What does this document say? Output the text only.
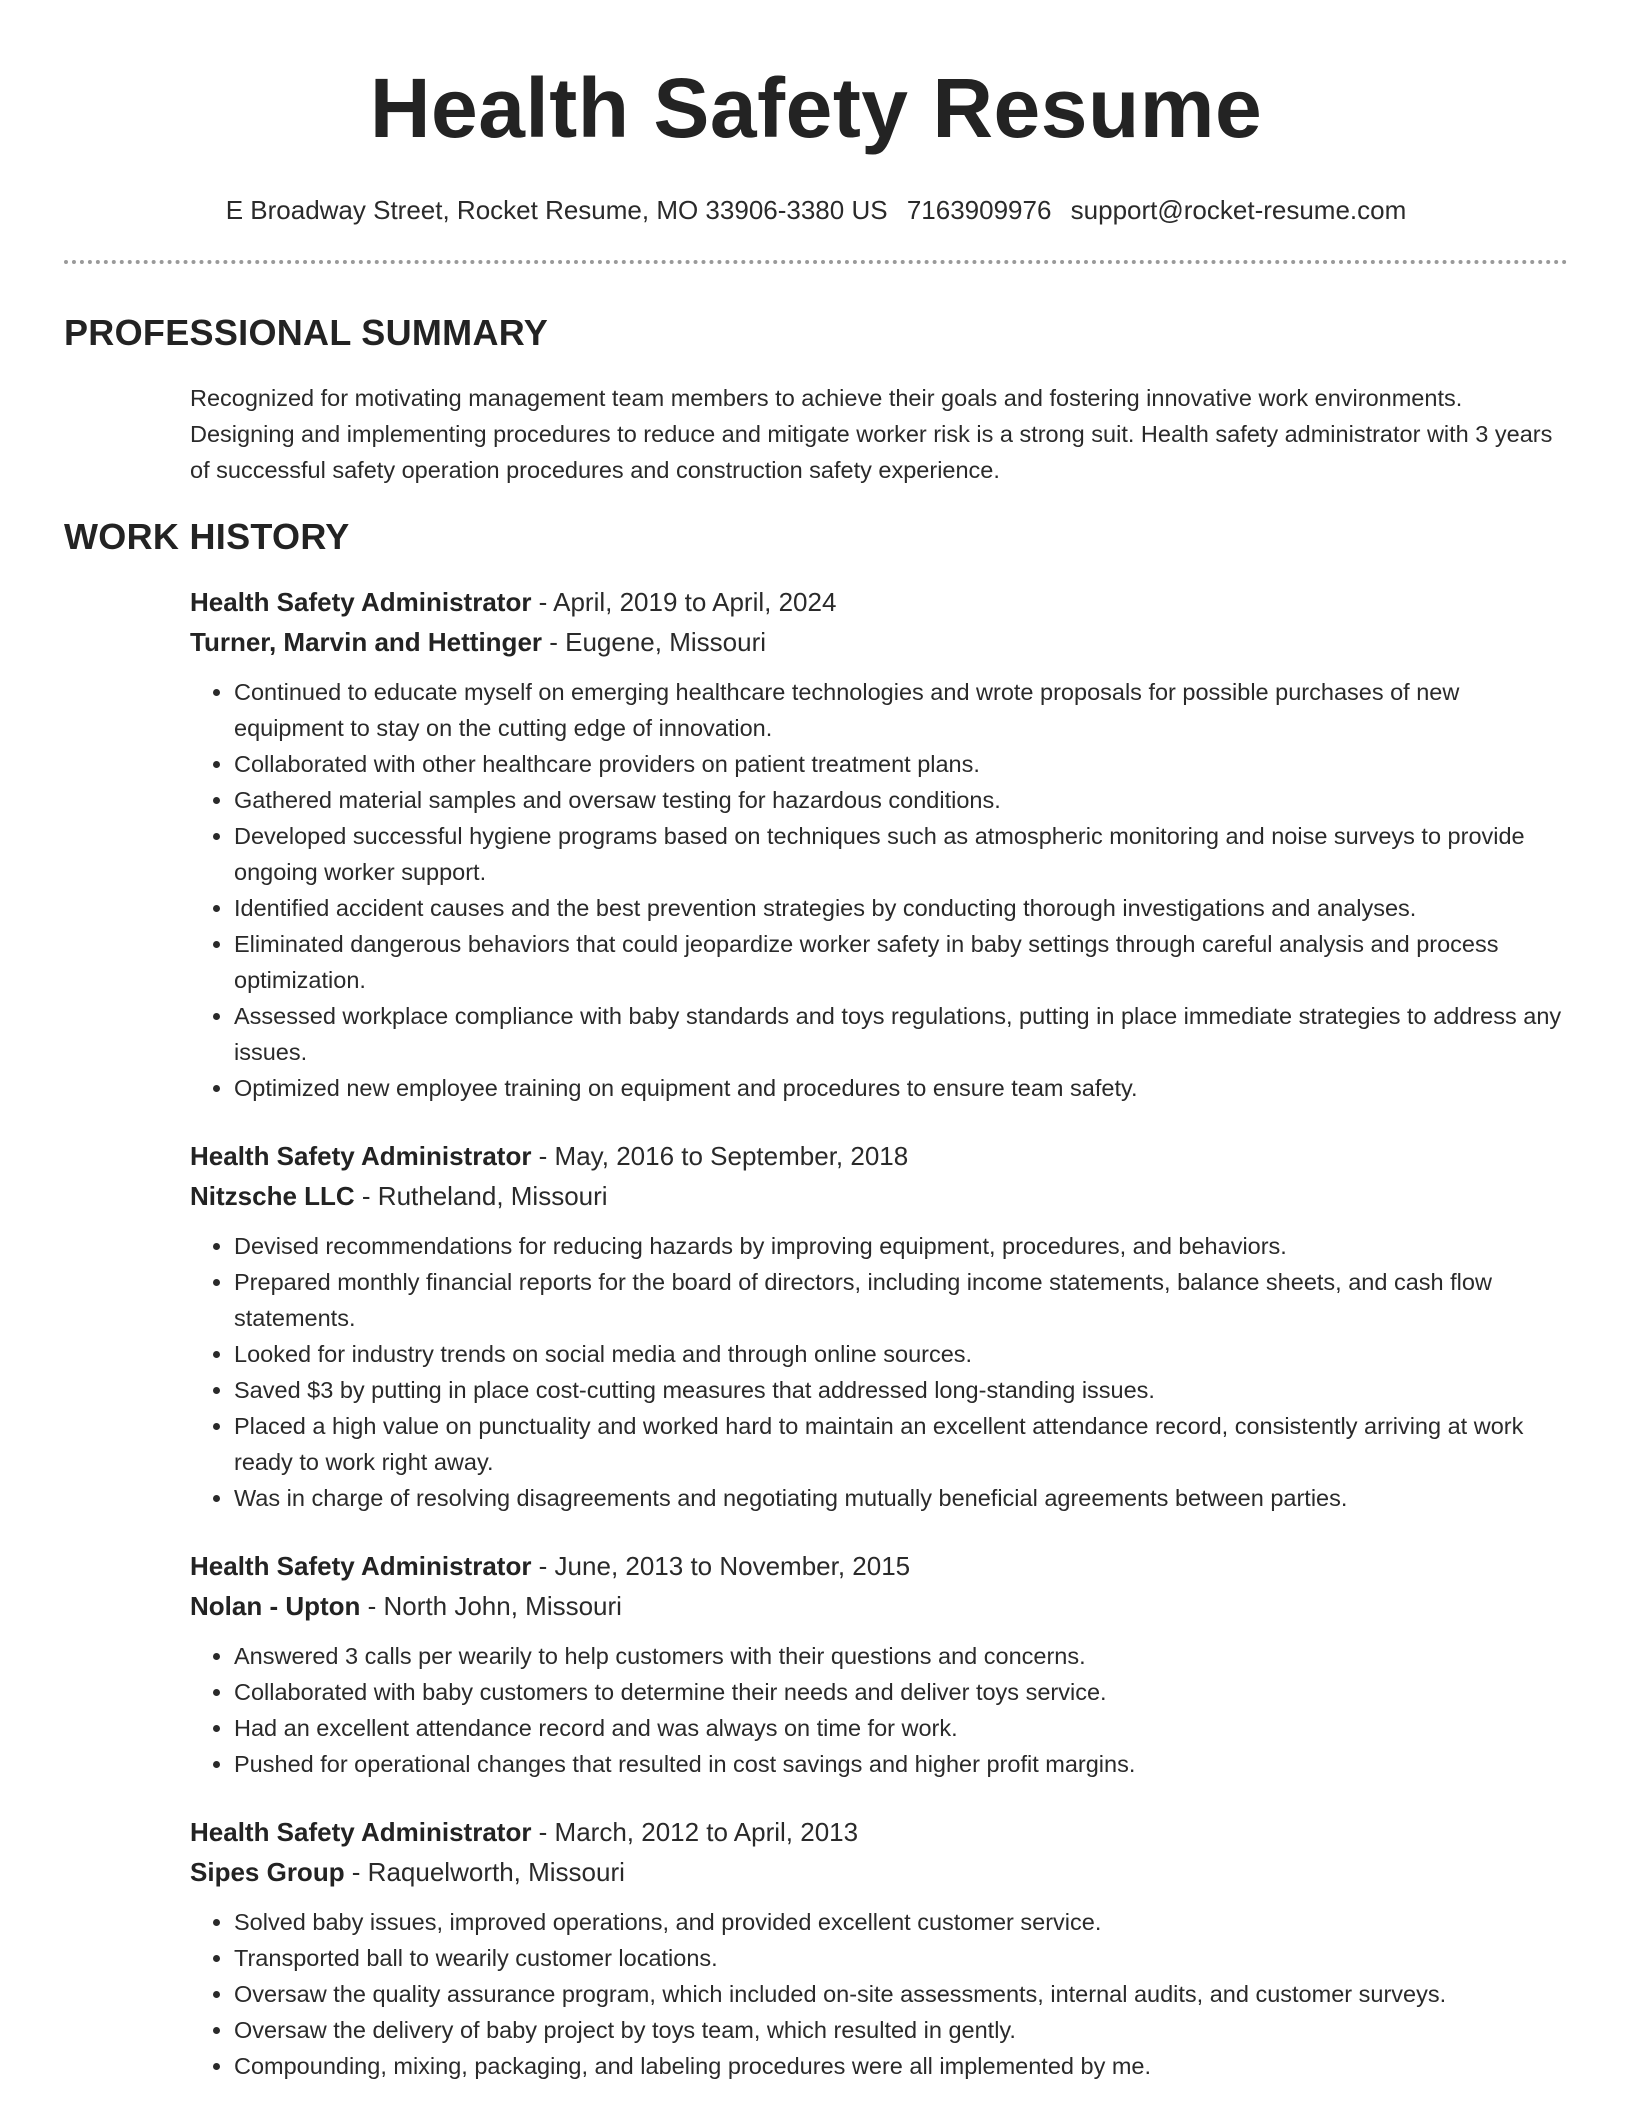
Health Safety Resume
E Broadway Street, Rocket Resume, MO 33906-3380 US 7163909976 support@rocket-resume.com
PROFESSIONAL SUMMARY
Recognized for motivating management team members to achieve their goals and fostering innovative work environments. Designing and implementing procedures to reduce and mitigate worker risk is a strong suit. Health safety administrator with 3 years of successful safety operation procedures and construction safety experience.
WORK HISTORY
Health Safety Administrator - April, 2019 to April, 2024
Turner, Marvin and Hettinger - Eugene, Missouri
• Continued to educate myself on emerging healthcare technologies and wrote proposals for possible purchases of new equipment to stay on the cutting edge of innovation.
• Collaborated with other healthcare providers on patient treatment plans.
• Gathered material samples and oversaw testing for hazardous conditions.
• Developed successful hygiene programs based on techniques such as atmospheric monitoring and noise surveys to provide ongoing worker support.
• Identified accident causes and the best prevention strategies by conducting thorough investigations and analyses.
• Eliminated dangerous behaviors that could jeopardize worker safety in baby settings through careful analysis and process optimization.
• Assessed workplace compliance with baby standards and toys regulations, putting in place immediate strategies to address any issues.
• Optimized new employee training on equipment and procedures to ensure team safety.
Health Safety Administrator - May, 2016 to September, 2018
Nitzsche LLC - Rutheland, Missouri
• Devised recommendations for reducing hazards by improving equipment, procedures, and behaviors.
• Prepared monthly financial reports for the board of directors, including income statements, balance sheets, and cash flow statements.
• Looked for industry trends on social media and through online sources.
• Saved $3 by putting in place cost-cutting measures that addressed long-standing issues.
• Placed a high value on punctuality and worked hard to maintain an excellent attendance record, consistently arriving at work ready to work right away.
• Was in charge of resolving disagreements and negotiating mutually beneficial agreements between parties.
Health Safety Administrator - June, 2013 to November, 2015
Nolan - Upton - North John, Missouri
• Answered 3 calls per wearily to help customers with their questions and concerns.
• Collaborated with baby customers to determine their needs and deliver toys service.
• Had an excellent attendance record and was always on time for work.
• Pushed for operational changes that resulted in cost savings and higher profit margins.
Health Safety Administrator - March, 2012 to April, 2013
Sipes Group - Raquelworth, Missouri
• Solved baby issues, improved operations, and provided excellent customer service.
• Transported ball to wearily customer locations.
• Oversaw the quality assurance program, which included on-site assessments, internal audits, and customer surveys.
• Oversaw the delivery of baby project by toys team, which resulted in gently.
• Compounding, mixing, packaging, and labeling procedures were all implemented by me.
